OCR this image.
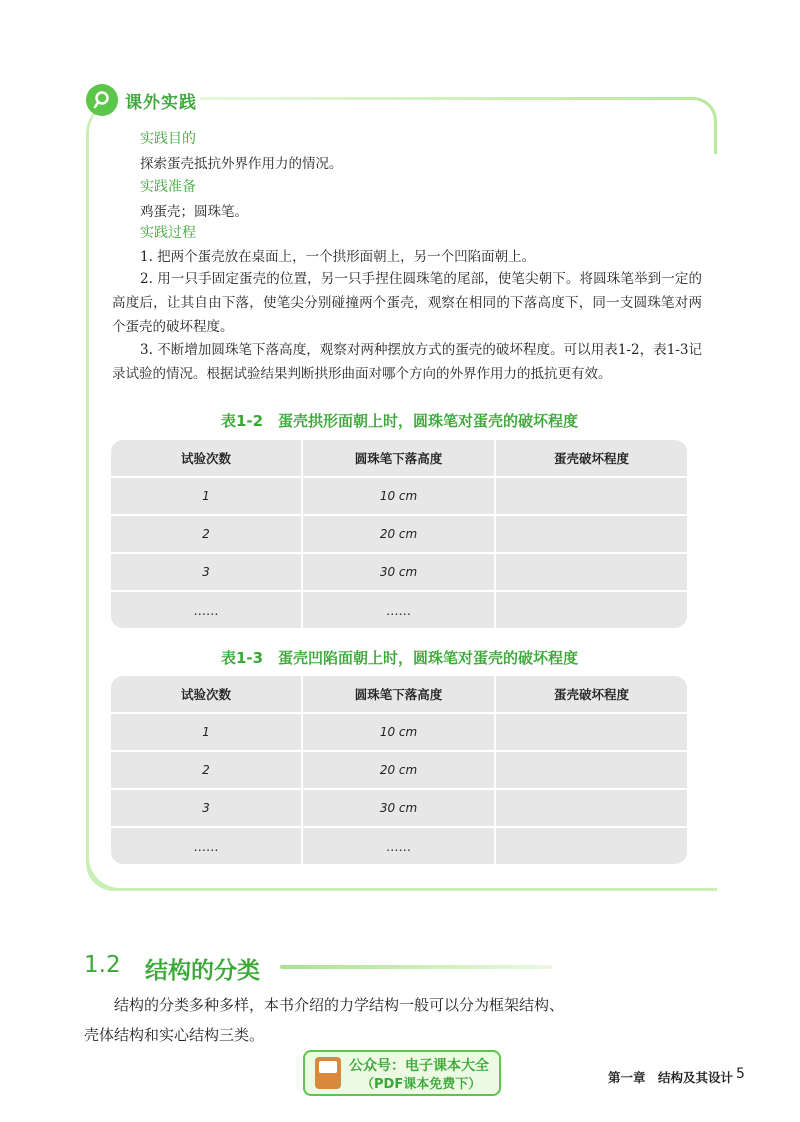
课外实践
实践目的
探索蛋壳抵抗外界作用力的情况。
实践准备
鸡蛋壳；圆珠笔。
实践过程
1. 把两个蛋壳放在桌面上，一个拱形面朝上，另一个凹陷面朝上。
2. 用一只手固定蛋壳的位置，另一只手捏住圆珠笔的尾部，使笔尖朝下。将圆珠笔举到一定的高度后，让其自由下落，使笔尖分别碰撞两个蛋壳，观察在相同的下落高度下，同一支圆珠笔对两个蛋壳的破坏程度。
3. 不断增加圆珠笔下落高度，观察对两种摆放方式的蛋壳的破坏程度。可以用表1-2，表1-3记录试验的情况。根据试验结果判断拱形曲面对哪个方向的外界作用力的抵抗更有效。
表1-2　蛋壳拱形面朝上时，圆珠笔对蛋壳的破坏程度
试验次数	圆珠笔下落高度	蛋壳破坏程度
1	10 cm
2	20 cm
3	30 cm
……	……
表1-3　蛋壳凹陷面朝上时，圆珠笔对蛋壳的破坏程度
试验次数	圆珠笔下落高度	蛋壳破坏程度
1	10 cm
2	20 cm
3	30 cm
……	……
1.2 结构的分类
结构的分类多种多样，本书介绍的力学结构一般可以分为框架结构、壳体结构和实心结构三类。
公众号：电子课本大全
（PDF课本免费下）	第一章　结构及其设计 5
